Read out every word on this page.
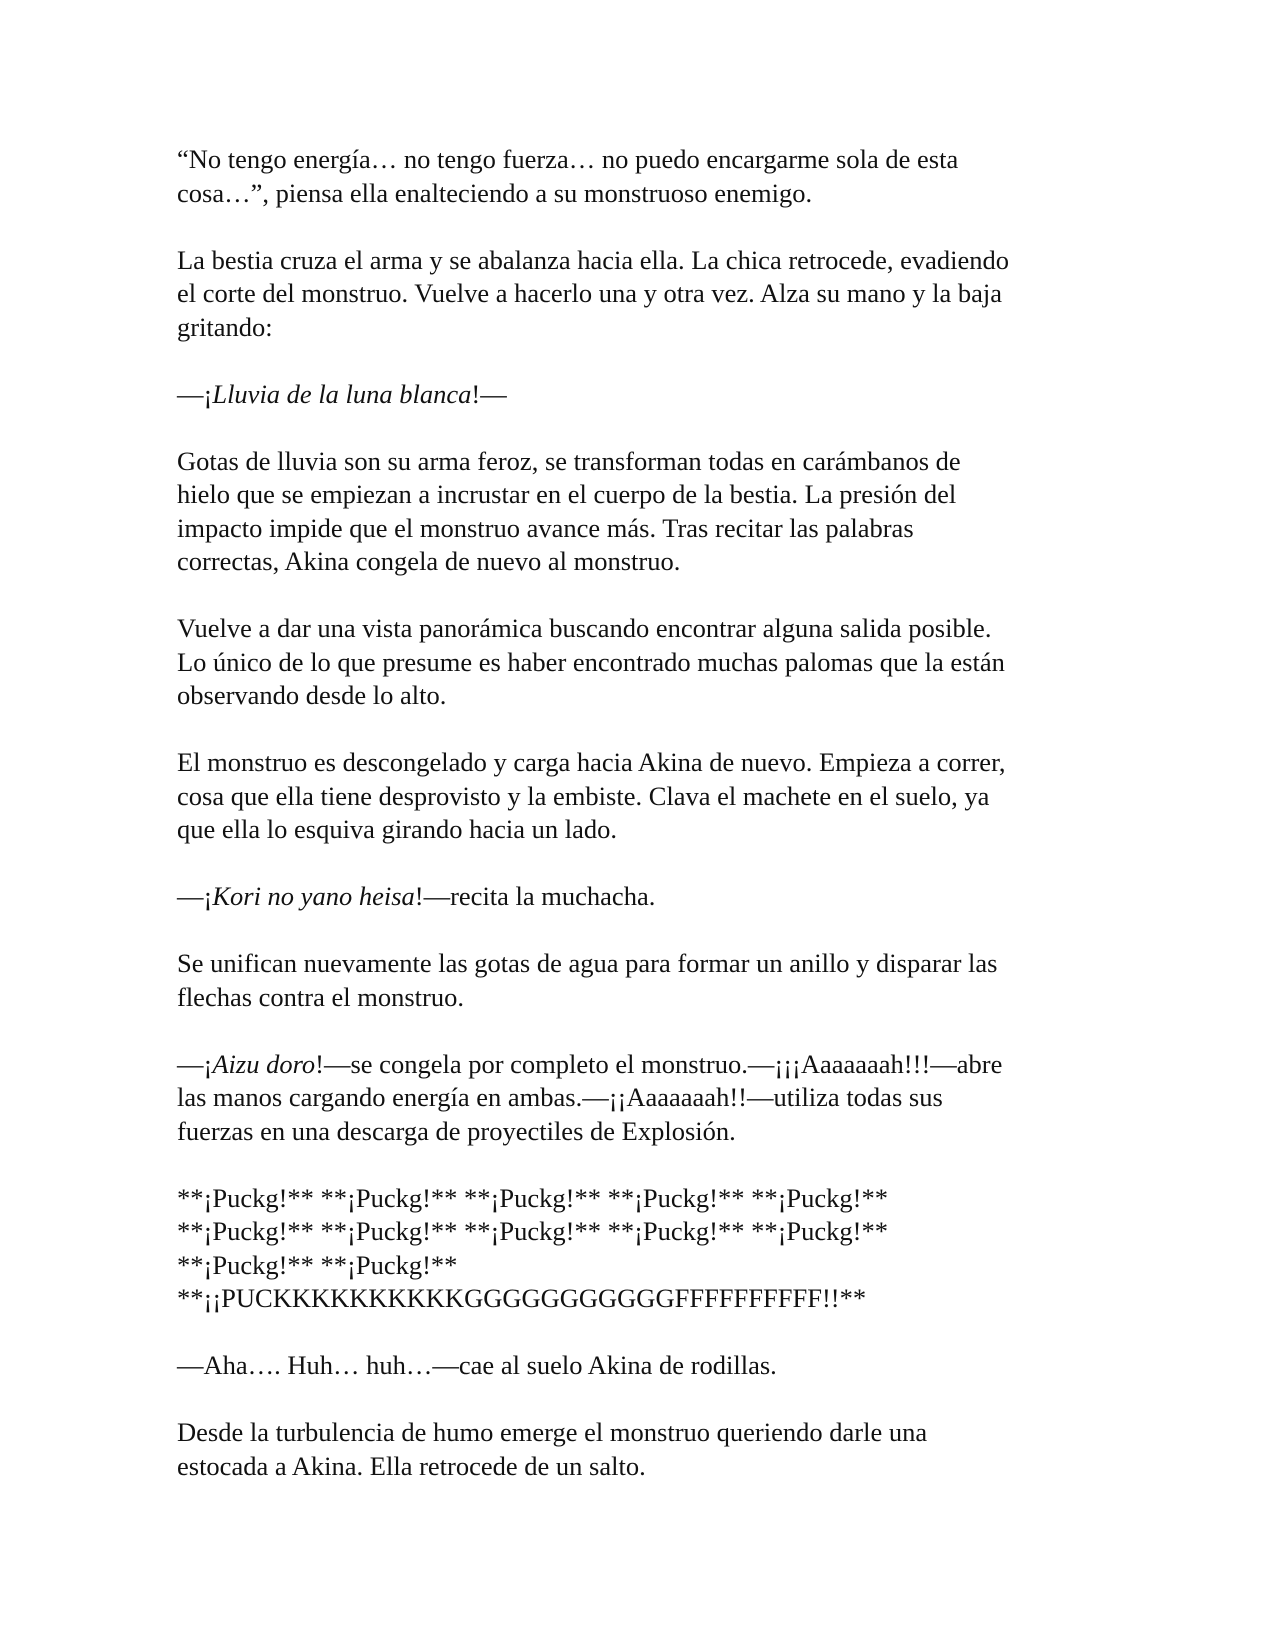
“No tengo energía… no tengo fuerza… no puedo encargarme sola de esta
cosa…”, piensa ella enalteciendo a su monstruoso enemigo.

La bestia cruza el arma y se abalanza hacia ella. La chica retrocede, evadiendo
el corte del monstruo. Vuelve a hacerlo una y otra vez. Alza su mano y la baja
gritando:

—¡Lluvia de la luna blanca!—

Gotas de lluvia son su arma feroz, se transforman todas en carámbanos de
hielo que se empiezan a incrustar en el cuerpo de la bestia. La presión del
impacto impide que el monstruo avance más. Tras recitar las palabras
correctas, Akina congela de nuevo al monstruo.

Vuelve a dar una vista panorámica buscando encontrar alguna salida posible.
Lo único de lo que presume es haber encontrado muchas palomas que la están
observando desde lo alto.

El monstruo es descongelado y carga hacia Akina de nuevo. Empieza a correr,
cosa que ella tiene desprovisto y la embiste. Clava el machete en el suelo, ya
que ella lo esquiva girando hacia un lado.

—¡Kori no yano heisa!—recita la muchacha.

Se unifican nuevamente las gotas de agua para formar un anillo y disparar las
flechas contra el monstruo.

—¡Aizu doro!—se congela por completo el monstruo.—¡¡¡Aaaaaaah!!!—abre
las manos cargando energía en ambas.—¡¡Aaaaaaah!!—utiliza todas sus
fuerzas en una descarga de proyectiles de Explosión.

**¡Puckg!** **¡Puckg!** **¡Puckg!** **¡Puckg!** **¡Puckg!**
**¡Puckg!** **¡Puckg!** **¡Puckg!** **¡Puckg!** **¡Puckg!**
**¡Puckg!** **¡Puckg!**
**¡¡PUCKKKKKKKKKKGGGGGGGGGGGFFFFFFFFFF!!**

—Aha…. Huh… huh…—cae al suelo Akina de rodillas.

Desde la turbulencia de humo emerge el monstruo queriendo darle una
estocada a Akina. Ella retrocede de un salto.
